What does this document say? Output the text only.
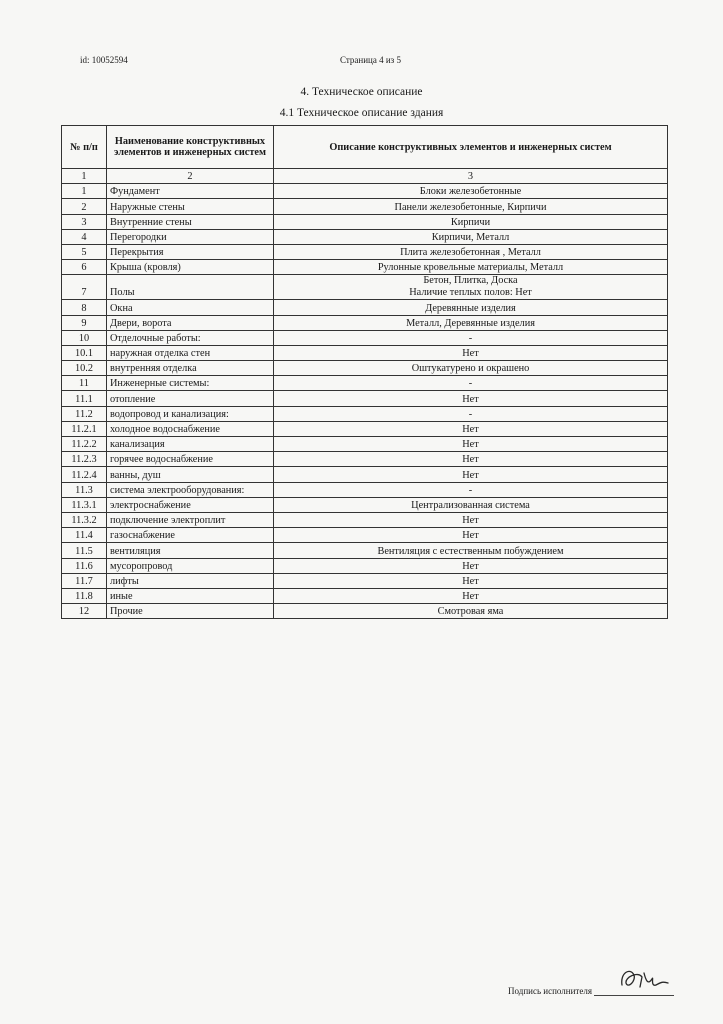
id: 10052594	Страница 4 из 5
4. Техническое описание
4.1 Техническое описание здания
№ п/п	Наименование конструктивных элементов и инженерных систем	Описание конструктивных элементов и инженерных систем
1	2	3
1	Фундамент	Блоки железобетонные
2	Наружные стены	Панели железобетонные, Кирпичи
3	Внутренние стены	Кирпичи
4	Перегородки	Кирпичи, Металл
5	Перекрытия	Плита железобетонная , Металл
6	Крыша (кровля)	Рулонные кровельные материалы, Металл
7	Полы	Бетон, Плитка, Доска
Наличие теплых полов: Нет
8	Окна	Деревянные изделия
9	Двери, ворота	Металл, Деревянные изделия
10	Отделочные работы:	-
10.1	наружная отделка стен	Нет
10.2	внутренняя отделка	Оштукатурено и окрашено
11	Инженерные системы:	-
11.1	отопление	Нет
11.2	водопровод и канализация:	-
11.2.1	холодное водоснабжение	Нет
11.2.2	канализация	Нет
11.2.3	горячее водоснабжение	Нет
11.2.4	ванны, душ	Нет
11.3	система электрооборудования:	-
11.3.1	электроснабжение	Централизованная система
11.3.2	подключение электроплит	Нет
11.4	газоснабжение	Нет
11.5	вентиляция	Вентиляция с естественным побуждением
11.6	мусоропровод	Нет
11.7	лифты	Нет
11.8	иные	Нет
12	Прочие	Смотровая яма
Подпись исполнителя
